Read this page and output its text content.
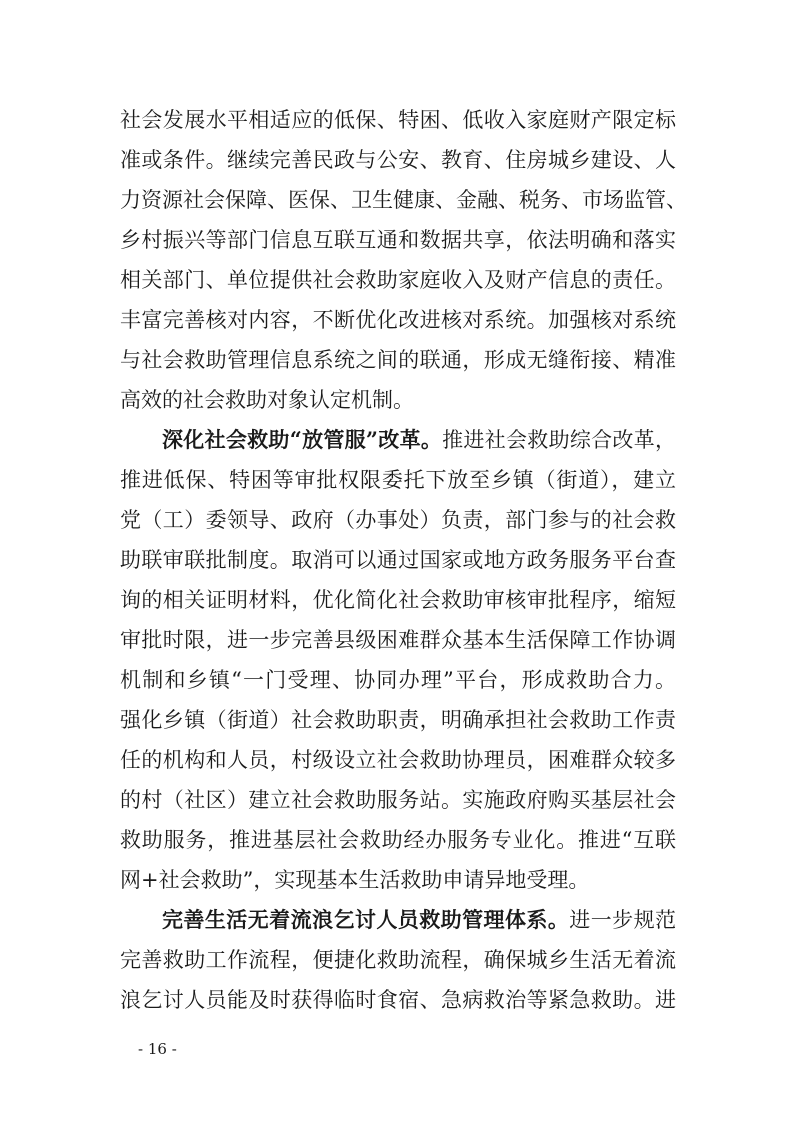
社会发展水平相适应的低保、特困、低收入家庭财产限定标
准或条件。继续完善民政与公安、教育、住房城乡建设、人
力资源社会保障、医保、卫生健康、金融、税务、市场监管、
乡村振兴等部门信息互联互通和数据共享，依法明确和落实
相关部门、单位提供社会救助家庭收入及财产信息的责任。
丰富完善核对内容，不断优化改进核对系统。加强核对系统
与社会救助管理信息系统之间的联通，形成无缝衔接、精准
高效的社会救助对象认定机制。
深化社会救助“放管服”改革。推进社会救助综合改革，
推进低保、特困等审批权限委托下放至乡镇（街道），建立
党（工）委领导、政府（办事处）负责，部门参与的社会救
助联审联批制度。取消可以通过国家或地方政务服务平台查
询的相关证明材料，优化简化社会救助审核审批程序，缩短
审批时限，进一步完善县级困难群众基本生活保障工作协调
机制和乡镇“一门受理、协同办理”平台，形成救助合力。
强化乡镇（街道）社会救助职责，明确承担社会救助工作责
任的机构和人员，村级设立社会救助协理员，困难群众较多
的村（社区）建立社会救助服务站。实施政府购买基层社会
救助服务，推进基层社会救助经办服务专业化。推进“互联
网+社会救助”，实现基本生活救助申请异地受理。
完善生活无着流浪乞讨人员救助管理体系。进一步规范
完善救助工作流程，便捷化救助流程，确保城乡生活无着流
浪乞讨人员能及时获得临时食宿、急病救治等紧急救助。进
- 16 -
